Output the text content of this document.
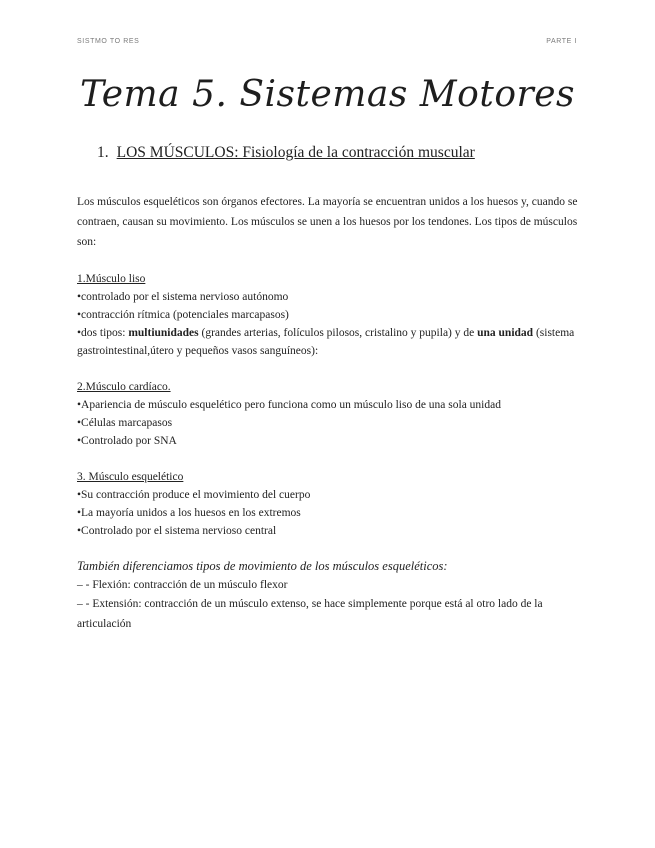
SISTMO TO RES	PARTE I
Tema 5. Sistemas Motores
1. LOS MÚSCULOS: Fisiología de la contracción muscular

Los músculos esqueléticos son órganos efectores. La mayoría se encuentran unidos a los huesos y, cuando se contraen, causan su movimiento. Los músculos se unen a los huesos por los tendones. Los tipos de músculos son:

1.Músculo liso

•controlado por el sistema nervioso autónomo

•contracción rítmica (potenciales marcapasos)

•dos tipos: multiunidades (grandes arterias, folículos pilosos, cristalino y pupila) y de una unidad (sistema gastrointestinal,útero y pequeños vasos sanguíneos):

2.Músculo cardíaco.

•Apariencia de músculo esquelético pero funciona como un músculo liso de una sola unidad

•Células marcapasos

•Controlado por SNA

3. Músculo esquelético

•Su contracción produce el movimiento del cuerpo

•La mayoría unidos a los huesos en los extremos

•Controlado por el sistema nervioso central

También diferenciamos tipos de movimiento de los músculos esqueléticos:

– - Flexión: contracción de un músculo flexor

– - Extensión: contracción de un músculo extenso, se hace simplemente porque está al otro lado de la articulación
